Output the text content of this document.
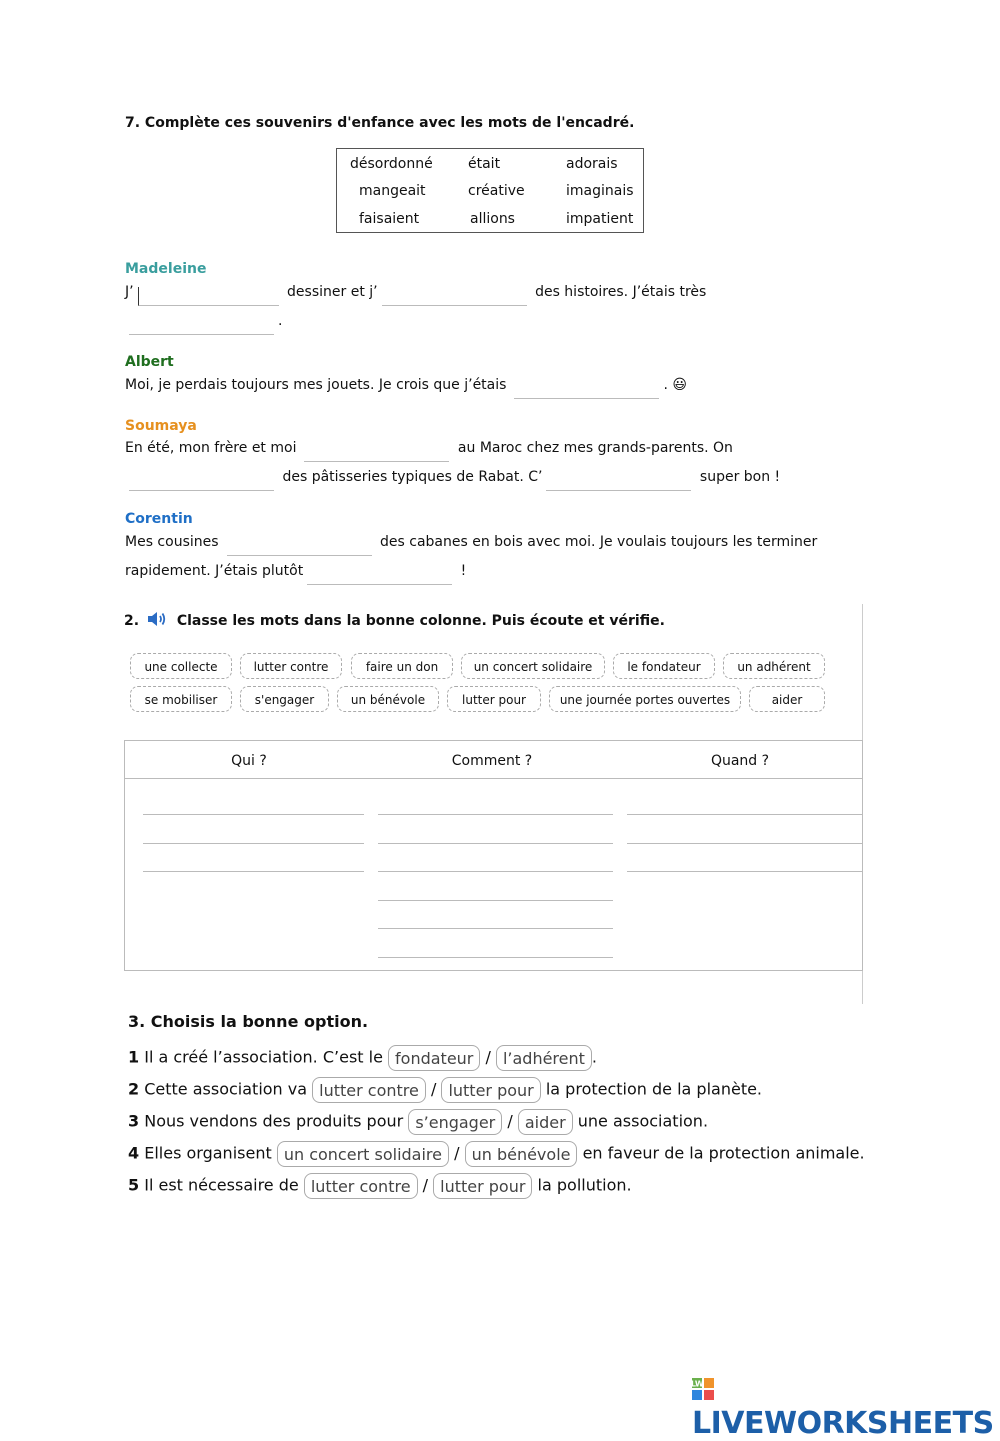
7. Complète ces souvenirs d'enfance avec les mots de l'encadré.
désordonné	était	adorais
mangeait	créative	imaginais
faisaient	allions	impatient
Madeleine
J’	dessiner et j’	des histoires. J’étais très
.
Albert
Moi, je perdais toujours mes jouets. Je crois que j’étais	. 😃
Soumaya
En été, mon frère et moi	au Maroc chez mes grands-parents. On
des pâtisseries typiques de Rabat. C’	super bon !
Corentin
Mes cousines	des cabanes en bois avec moi. Je voulais toujours les terminer
rapidement. J’étais plutôt	!
2.	Classe les mots dans la bonne colonne. Puis écoute et vérifie.
une collecte	lutter contre	faire un don	un concert solidaire	le fondateur	un adhérent
se mobiliser	s'engager	un bénévole	lutter pour	une journée portes ouvertes	aider
Qui ?	Comment ?	Quand ?
3. Choisis la bonne option.
1 Il a créé l’association. C’est le fondateur / l’adhérent .
2 Cette association va lutter contre / lutter pour la protection de la planète.
3 Nous vendons des produits pour s’engager / aider une association.
4 Elles organisent un concert solidaire / un bénévole en faveur de la protection animale.
5 Il est nécessaire de lutter contre / lutter pour la pollution.
LW
LIVEWORKSHEETS
